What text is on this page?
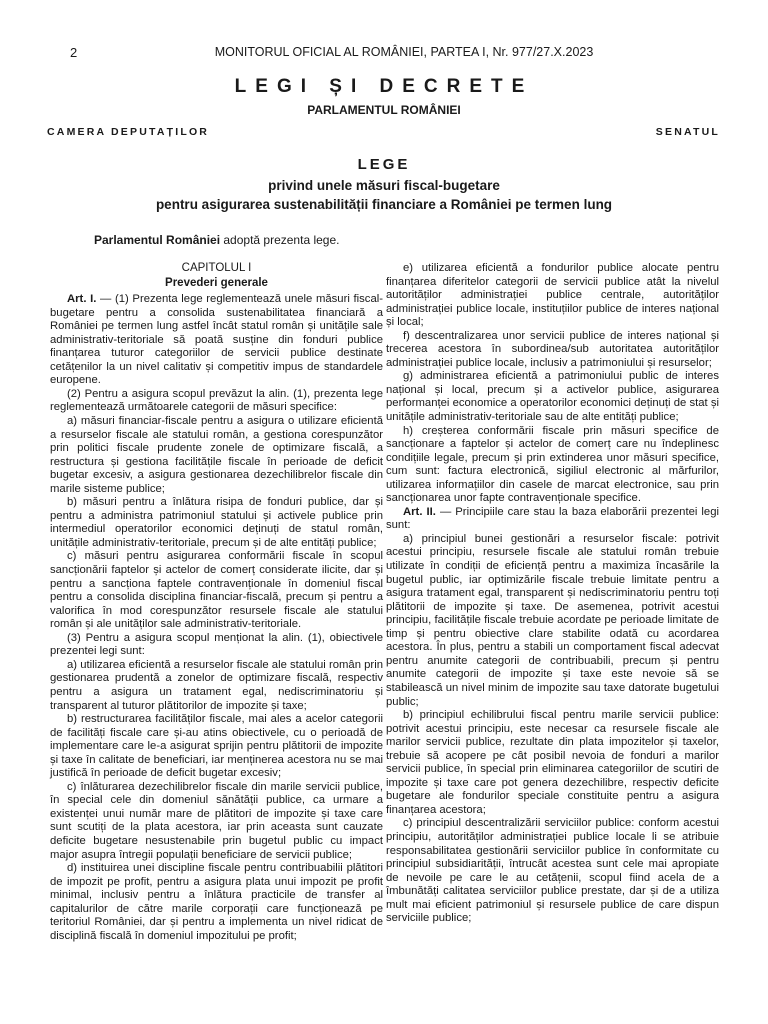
2	MONITORUL OFICIAL AL ROMÂNIEI, PARTEA I, Nr. 977/27.X.2023
LEGI ȘI DECRETE
PARLAMENTUL ROMÂNIEI
CAMERA DEPUTAȚILOR	SENATUL
LEGE
privind unele măsuri fiscal-bugetare
pentru asigurarea sustenabilității financiare a României pe termen lung
Parlamentul României adoptă prezenta lege.
CAPITOLUL I
Prevederi generale

Art. I. — (1) Prezenta lege reglementează unele măsuri fiscal-bugetare pentru a consolida sustenabilitatea financiară a României pe termen lung astfel încât statul român și unitățile sale administrativ-teritoriale să poată susține din fonduri publice finanțarea tuturor categoriilor de servicii publice destinate cetățenilor la un nivel calitativ și competitiv impus de standardele europene.

(2) Pentru a asigura scopul prevăzut la alin. (1), prezenta lege reglementează următoarele categorii de măsuri specifice:

a) măsuri financiar-fiscale pentru a asigura o utilizare eficientă a resurselor fiscale ale statului român, a gestiona corespunzător prin politici fiscale prudente zonele de optimizare fiscală, a restructura și gestiona facilitățile fiscale în perioade de deficit bugetar excesiv, a asigura gestionarea dezechilibrelor fiscale din marile sisteme publice;

b) măsuri pentru a înlătura risipa de fonduri publice, dar și pentru a administra patrimoniul statului și activele publice prin intermediul operatorilor economici deținuți de statul român, unitățile administrativ-teritoriale, precum și de alte entități publice;

c) măsuri pentru asigurarea conformării fiscale în scopul sancționării faptelor și actelor de comerț considerate ilicite, dar și pentru a sancționa faptele contravenționale în domeniul fiscal pentru a consolida disciplina financiar-fiscală, precum și pentru a valorifica în mod corespunzător resursele fiscale ale statului român și ale unităților sale administrativ-teritoriale.

(3) Pentru a asigura scopul menționat la alin. (1), obiectivele prezentei legi sunt:

a) utilizarea eficientă a resurselor fiscale ale statului român prin gestionarea prudentă a zonelor de optimizare fiscală, respectiv pentru a asigura un tratament egal, nediscriminatoriu și transparent al tuturor plătitorilor de impozite și taxe;

b) restructurarea facilităților fiscale, mai ales a acelor categorii de facilități fiscale care și-au atins obiectivele, cu o perioadă de implementare care le-a asigurat sprijin pentru plătitorii de impozite și taxe în calitate de beneficiari, iar menținerea acestora nu se mai justifică în perioade de deficit bugetar excesiv;

c) înlăturarea dezechilibrelor fiscale din marile servicii publice, în special cele din domeniul sănătății publice, ca urmare a existenței unui număr mare de plătitori de impozite și taxe care sunt scutiți de la plata acestora, iar prin aceasta sunt cauzate deficite bugetare nesustenabile prin bugetul public cu impact major asupra întregii populații beneficiare de servicii publice;

d) instituirea unei discipline fiscale pentru contribuabilii plătitori de impozit pe profit, pentru a asigura plata unui impozit pe profit minimal, inclusiv pentru a înlătura practicile de transfer al capitalurilor de către marile corporații care funcționează pe teritoriul României, dar și pentru a implementa un nivel ridicat de disciplină fiscală în domeniul impozitului pe profit;

e) utilizarea eficientă a fondurilor publice alocate pentru finanțarea diferitelor categorii de servicii publice atât la nivelul autorităților administrației publice centrale, autorităților administrației publice locale, instituțiilor publice de interes național și local;

f) descentralizarea unor servicii publice de interes național și trecerea acestora în subordinea/sub autoritatea autorităților administrației publice locale, inclusiv a patrimoniului și resurselor;

g) administrarea eficientă a patrimoniului public de interes național și local, precum și a activelor publice, asigurarea performanței economice a operatorilor economici deținuți de stat și unitățile administrativ-teritoriale sau de alte entități publice;

h) creșterea conformării fiscale prin măsuri specifice de sancționare a faptelor și actelor de comerț care nu îndeplinesc condițiile legale, precum și prin extinderea unor măsuri specifice, cum sunt: factura electronică, sigiliul electronic al mărfurilor, utilizarea informațiilor din casele de marcat electronice, sau prin sancționarea unor fapte contravenționale specifice.

Art. II. — Principiile care stau la baza elaborării prezentei legi sunt:

a) principiul bunei gestionări a resurselor fiscale: potrivit acestui principiu, resursele fiscale ale statului român trebuie utilizate în condiții de eficiență pentru a maximiza încasările la bugetul public, iar optimizările fiscale trebuie limitate pentru a asigura tratament egal, transparent și nediscriminatoriu pentru toți plătitorii de impozite și taxe. De asemenea, potrivit acestui principiu, facilitățile fiscale trebuie acordate pe perioade limitate de timp și pentru obiective clare stabilite odată cu acordarea acestora. În plus, pentru a stabili un comportament fiscal adecvat pentru anumite categorii de contribuabili, precum și pentru anumite categorii de impozite și taxe este nevoie să se stabilească un nivel minim de impozite sau taxe datorate bugetului public;

b) principiul echilibrului fiscal pentru marile servicii publice: potrivit acestui principiu, este necesar ca resursele fiscale ale marilor servicii publice, rezultate din plata impozitelor și taxelor, trebuie să acopere pe cât posibil nevoia de fonduri a marilor servicii publice, în special prin eliminarea categoriilor de scutiri de impozite și taxe care pot genera dezechilibre, respectiv deficite bugetare ale fondurilor speciale constituite pentru a asigura finanțarea acestora;

c) principiul descentralizării serviciilor publice: conform acestui principiu, autorităților administrației publice locale li se atribuie responsabilitatea gestionării serviciilor publice în conformitate cu principiul subsidiarității, întrucât acestea sunt cele mai apropiate de nevoile pe care le au cetățenii, scopul fiind acela de a îmbunătăți calitatea serviciilor publice prestate, dar și de a utiliza mult mai eficient patrimoniul și resursele publice de care dispun serviciile publice;
